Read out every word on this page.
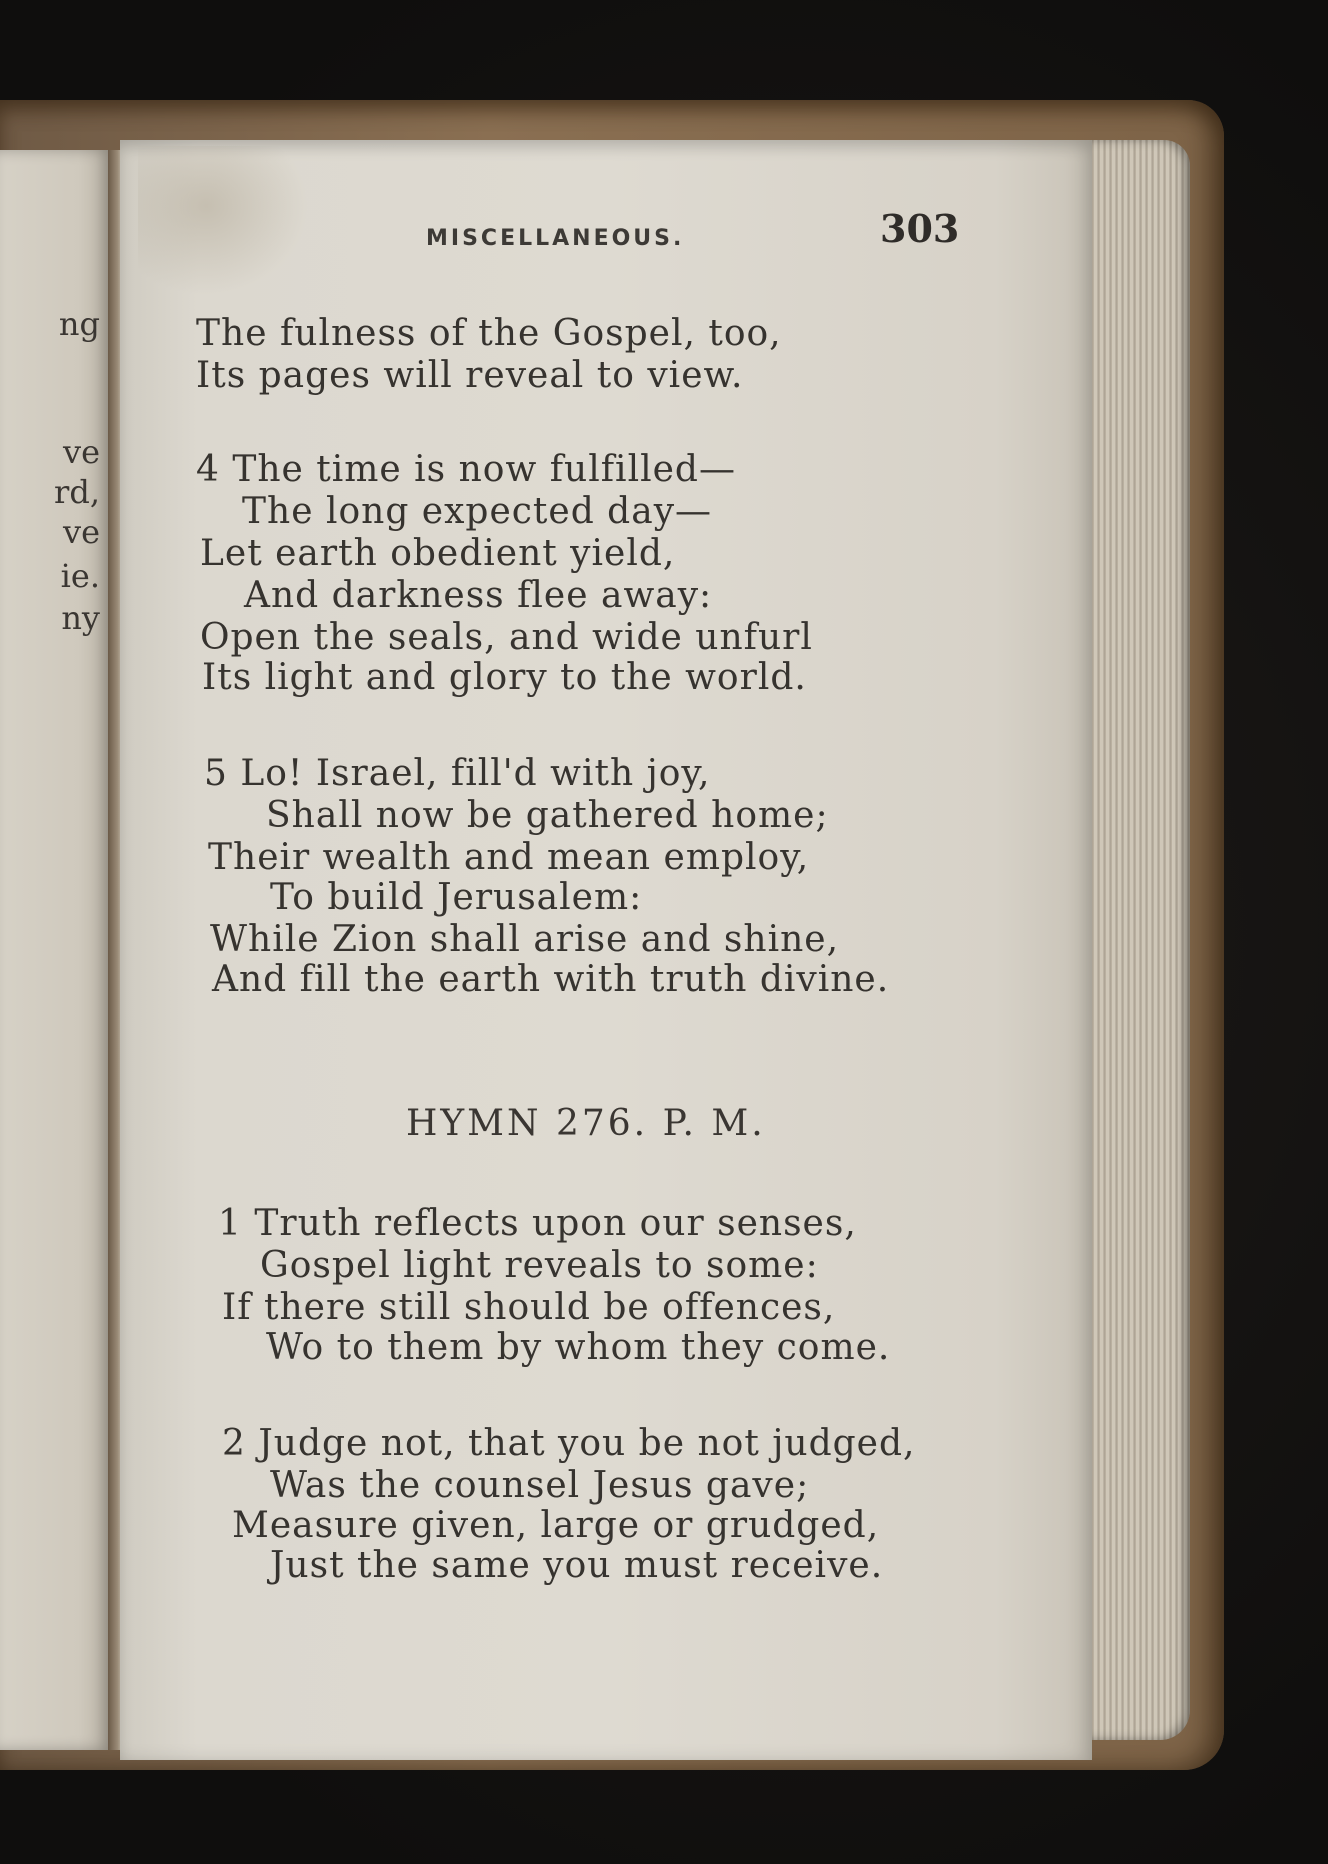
ng
ve
rd,
ve
ie.
ny
MISCELLANEOUS.	303
The fulness of the Gospel, too,
Its pages will reveal to view.
4 The time is now fulfilled—
The long expected day—
Let earth obedient yield,
And darkness flee away:
Open the seals, and wide unfurl
Its light and glory to the world.
5 Lo! Israel, fill'd with joy,
Shall now be gathered home;
Their wealth and mean employ,
To build Jerusalem:
While Zion shall arise and shine,
And fill the earth with truth divine.
HYMN 276. P. M.
1 Truth reflects upon our senses,
Gospel light reveals to some:
If there still should be offences,
Wo to them by whom they come.
2 Judge not, that you be not judged,
Was the counsel Jesus gave;
Measure given, large or grudged,
Just the same you must receive.
